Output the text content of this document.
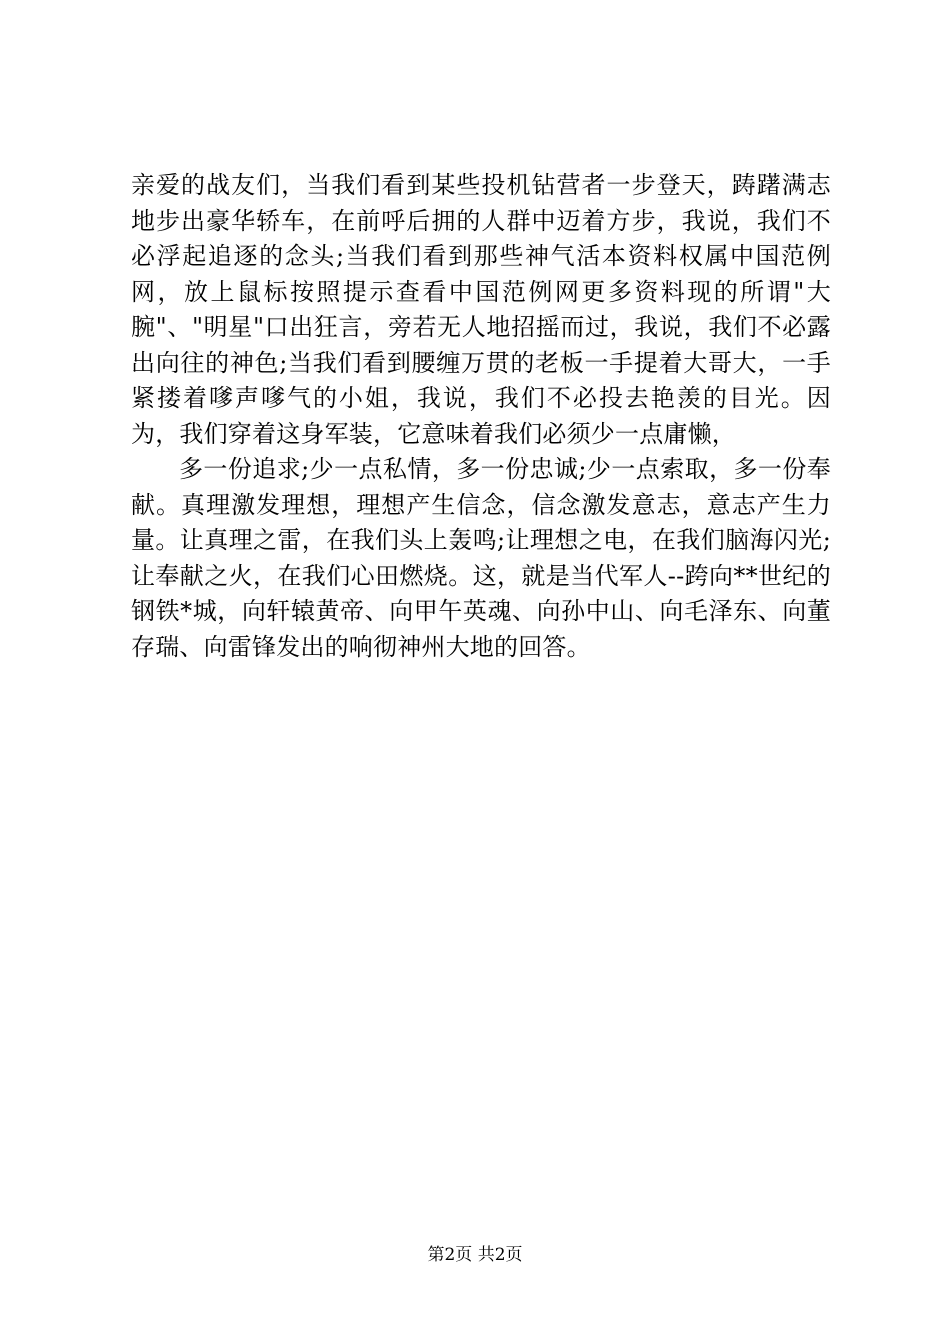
亲爱的战友们，当我们看到某些投机钻营者一步登天，踌躇满志地步出豪华轿车，在前呼后拥的人群中迈着方步，我说，我们不必浮起追逐的念头;当我们看到那些神气活本资料权属中国范例网，放上鼠标按照提示查看中国范例网更多资料现的所谓"大腕"、"明星"口出狂言，旁若无人地招摇而过，我说，我们不必露出向往的神色;当我们看到腰缠万贯的老板一手提着大哥大，一手紧搂着嗲声嗲气的小姐，我说，我们不必投去艳羡的目光。因为，我们穿着这身军装，它意味着我们必须少一点庸懒，

多一份追求;少一点私情，多一份忠诚;少一点索取，多一份奉献。真理激发理想，理想产生信念，信念激发意志，意志产生力量。让真理之雷，在我们头上轰鸣;让理想之电，在我们脑海闪光;让奉献之火，在我们心田燃烧。这，就是当代军人--跨向**世纪的钢铁*城，向轩辕黄帝、向甲午英魂、向孙中山、向毛泽东、向董存瑞、向雷锋发出的响彻神州大地的回答。

第2页 共2页
